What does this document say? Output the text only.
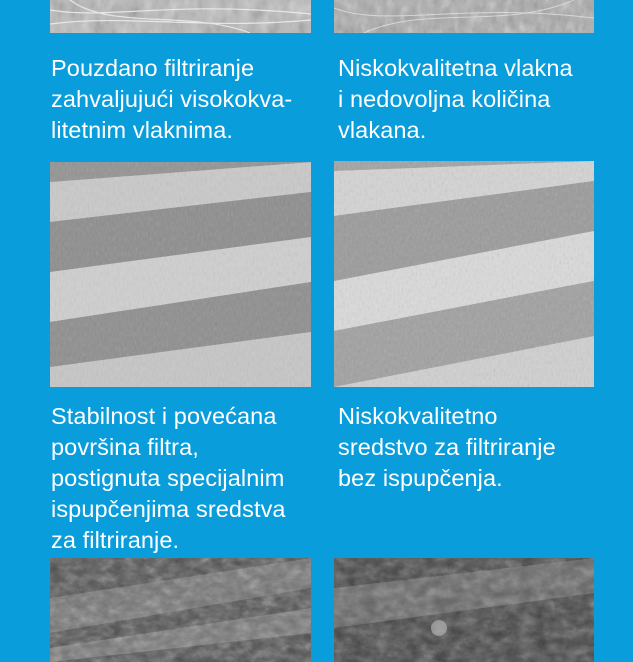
Pouzdano filtriranje
zahvaljujući visokokva-
litetnim vlaknima.
Niskokvalitetna vlakna
i nedovoljna količina
vlakana.
Stabilnost i povećana
površina filtra,
postignuta specijalnim
ispupčenjima sredstva
za filtriranje.
Niskokvalitetno
sredstvo za filtriranje
bez ispupčenja.
